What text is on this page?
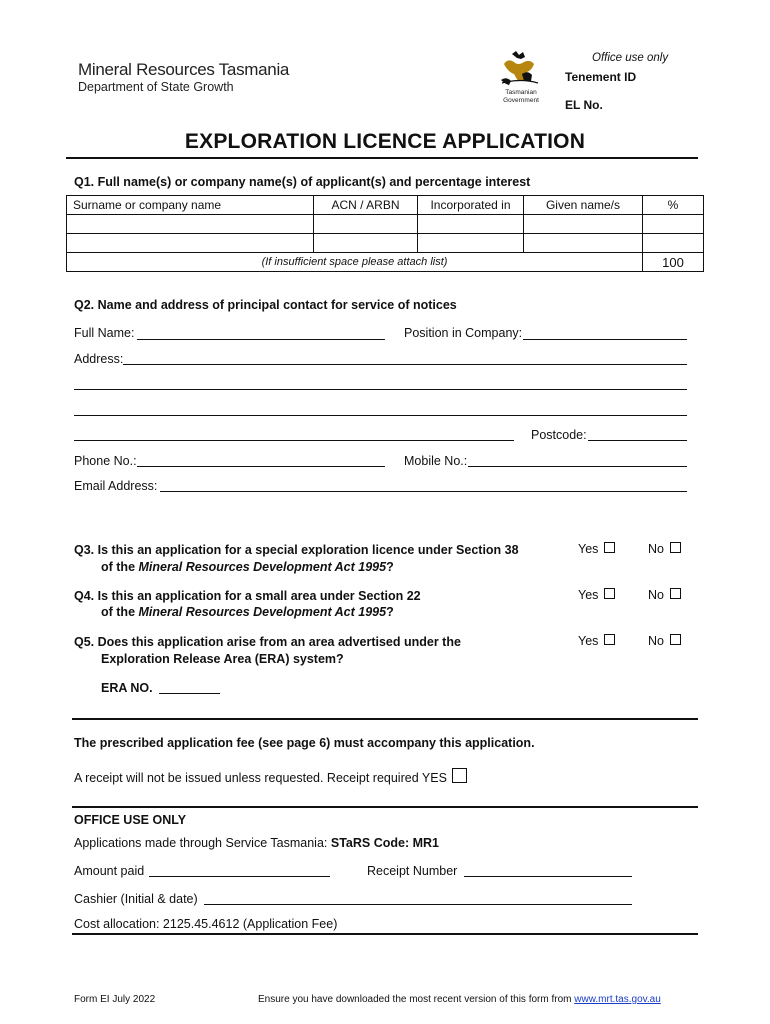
Mineral Resources Tasmania
Department of State Growth	Tasmanian
Government
Office use only
Tenement ID
EL No.
EXPLORATION LICENCE APPLICATION
Q1. Full name(s) or company name(s) of applicant(s) and percentage interest
Surname or company name	ACN / ARBN	Incorporated in	Given name/s	%

(If insufficient space please attach list)				100
Q2. Name and address of principal contact for service of notices
Full Name:	Position in Company:
Address:
Postcode:
Phone No.:	Mobile No.:
Email Address:
Q3. Is this an application for a special exploration licence under Section 38
of the Mineral Resources Development Act 1995?
Yes	No
Q4. Is this an application for a small area under Section 22
of the Mineral Resources Development Act 1995?
Yes	No
Q5. Does this application arise from an area advertised under the
Exploration Release Area (ERA) system?
Yes	No
ERA NO.
The prescribed application fee (see page 6) must accompany this application.
A receipt will not be issued unless requested. Receipt required YES
OFFICE USE ONLY
Applications made through Service Tasmania: STaRS Code: MR1
Amount paid	Receipt Number
Cashier (Initial & date)
Cost allocation: 2125.45.4612 (Application Fee)
Form EI July 2022	Ensure you have downloaded the most recent version of this form from www.mrt.tas.gov.au
